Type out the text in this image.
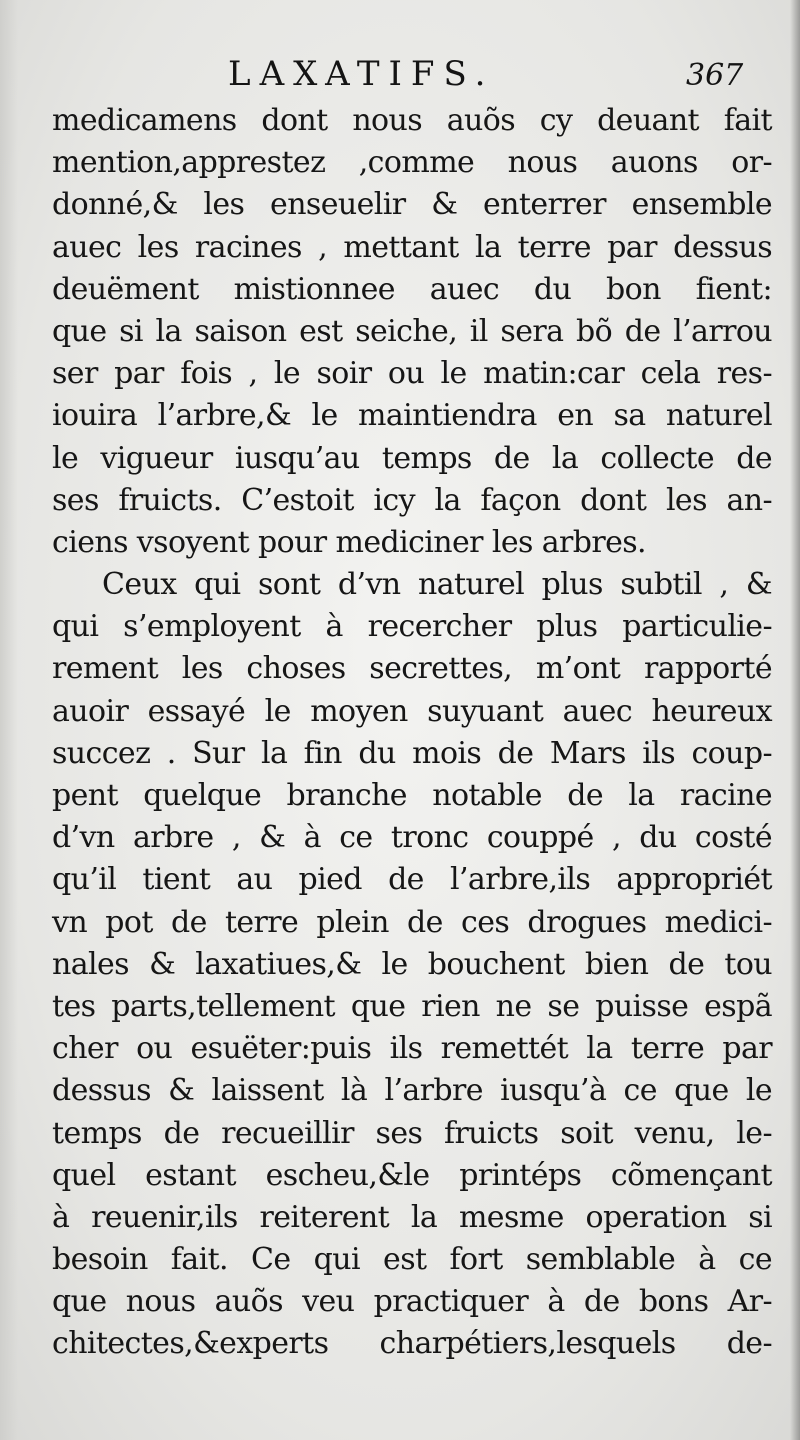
LAXATIFS.	367
medicamens dont nous auõs cy deuant fait
mention,apprestez ,comme nous auons or-
donné,& les enseuelir & enterrer ensemble
auec les racines , mettant la terre par dessus
deuëment mistionnee auec du bon fient:
que si la saison est seiche, il sera bõ de l’arrou
ser par fois , le soir ou le matin:car cela res-
iouira l’arbre,& le maintiendra en sa naturel
le vigueur iusqu’au temps de la collecte de
ses fruicts. C’estoit icy la façon dont les an-
ciens vsoyent pour mediciner les arbres.
Ceux qui sont d’vn naturel plus subtil , &
qui s’employent à recercher plus particulie-
rement les choses secrettes, m’ont rapporté
auoir essayé le moyen suyuant auec heureux
succez . Sur la fin du mois de Mars ils coup-
pent quelque branche notable de la racine
d’vn arbre , & à ce tronc couppé , du costé
qu’il tient au pied de l’arbre,ils appropriét
vn pot de terre plein de ces drogues medici-
nales & laxatiues,& le bouchent bien de tou
tes parts,tellement que rien ne se puisse espã
cher ou esuëter:puis ils remettét la terre par
dessus & laissent là l’arbre iusqu’à ce que le
temps de recueillir ses fruicts soit venu, le-
quel estant escheu,&le printéps cõmençant
à reuenir,ils reiterent la mesme operation si
besoin fait. Ce qui est fort semblable à ce
que nous auõs veu practiquer à de bons Ar-
chitectes,&experts charpétiers,lesquels de-
